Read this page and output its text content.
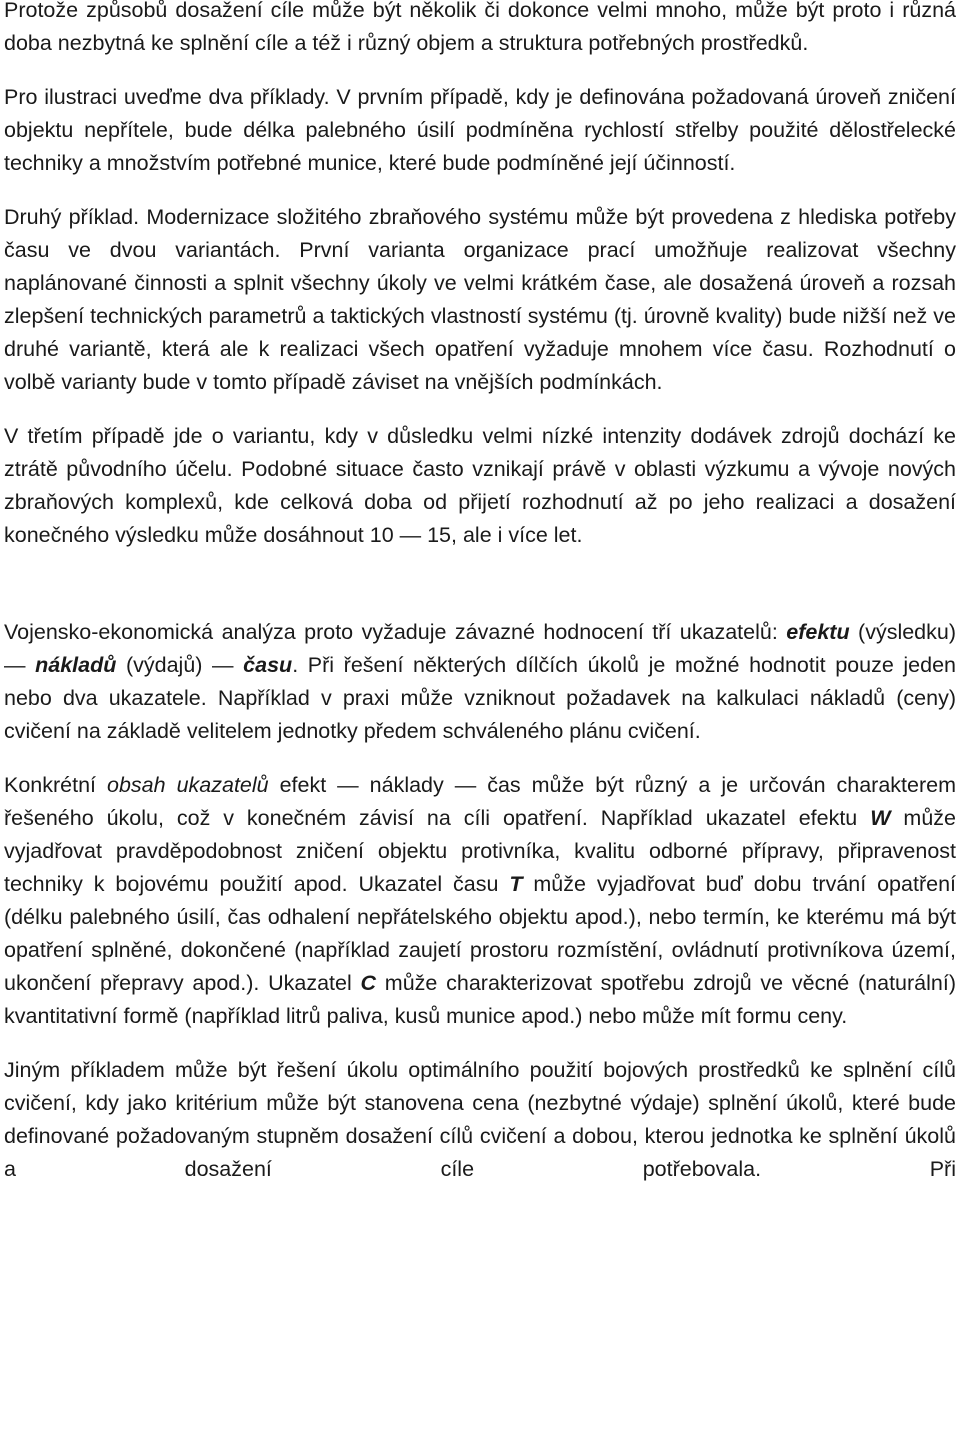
Protože způsobů dosažení cíle může být několik či dokonce velmi mnoho, může být proto i různá doba nezbytná ke splnění cíle a též i různý objem a struktura potřebných prostředků.

Pro ilustraci uveďme dva příklady. V prvním případě, kdy je definována požadovaná úroveň zničení objektu nepřítele, bude délka palebného úsilí podmíněna rychlostí střelby použité dělostřelecké techniky a množstvím potřebné munice, které bude podmíněné její účinností.

Druhý příklad. Modernizace složitého zbraňového systému může být provedena z hlediska potřeby času ve dvou variantách. První varianta organizace prací umožňuje realizovat všechny naplánované činnosti a splnit všechny úkoly ve velmi krátkém čase, ale dosažená úroveň a rozsah zlepšení technických parametrů a taktických vlastností systému (tj. úrovně kvality) bude nižší než ve druhé variantě, která ale k realizaci všech opatření vyžaduje mnohem více času. Rozhodnutí o volbě varianty bude v tomto případě záviset na vnějších podmínkách.

V třetím případě jde o variantu, kdy v důsledku velmi nízké intenzity dodávek zdrojů dochází ke ztrátě původního účelu. Podobné situace často vznikají právě v oblasti výzkumu a vývoje nových zbraňových komplexů, kde celková doba od přijetí rozhodnutí až po jeho realizaci a dosažení konečného výsledku může dosáhnout 10 — 15, ale i více let.

Vojensko-ekonomická analýza proto vyžaduje závazné hodnocení tří ukazatelů: efektu (výsledku) — nákladů (výdajů) — času. Při řešení některých dílčích úkolů je možné hodnotit pouze jeden nebo dva ukazatele. Například v praxi může vzniknout požadavek na kalkulaci nákladů (ceny) cvičení na základě velitelem jednotky předem schváleného plánu cvičení.

Konkrétní obsah ukazatelů efekt — náklady — čas může být různý a je určován charakterem řešeného úkolu, což v konečném závisí na cíli opatření. Například ukazatel efektu W může vyjadřovat pravděpodobnost zničení objektu protivníka, kvalitu odborné přípravy, připravenost techniky k bojovému použití apod. Ukazatel času T může vyjadřovat buď dobu trvání opatření (délku palebného úsilí, čas odhalení nepřátelského objektu apod.), nebo termín, ke kterému má být opatření splněné, dokončené (například zaujetí prostoru rozmístění, ovládnutí protivníkova území, ukončení přepravy apod.). Ukazatel C může charakterizovat spotřebu zdrojů ve věcné (naturální) kvantitativní formě (například litrů paliva, kusů munice apod.) nebo může mít formu ceny.

Jiným příkladem může být řešení úkolu optimálního použití bojových prostředků ke splnění cílů cvičení, kdy jako kritérium může být stanovena cena (nezbytné výdaje) splnění úkolů, které bude definované požadovaným stupněm dosažení cílů cvičení a dobou, kterou jednotka ke splnění úkolů a dosažení cíle potřebovala. Při
